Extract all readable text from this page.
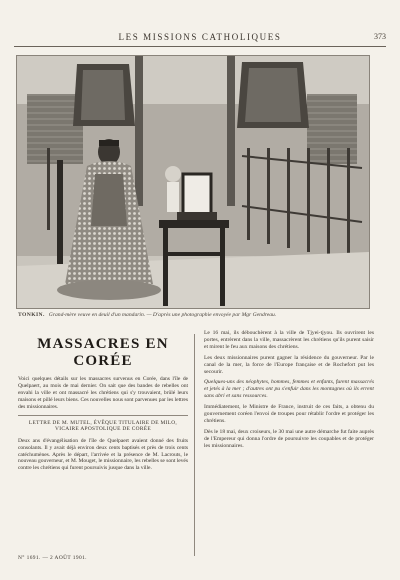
LES MISSIONS CATHOLIQUES	373
TONKIN. Grand-mère veuve en deuil d'un mandarin. — D'après une photographie envoyée par Mgr Gendreau.
MASSACRES EN CORÉE

Voici quelques détails sur les massacres survenus en Corée, dans l'île de Quelpaert, au mois de mai dernier. On sait que des bandes de rebelles ont envahi la ville et ont massacré les chrétiens qui s'y trouvaient, brûlé leurs maisons et pillé leurs biens. Ces nouvelles nous sont parvenues par les lettres des missionnaires.

LETTRE DE M. MUTEL, ÉVÊQUE TITULAIRE DE MILO, VICAIRE APOSTOLIQUE DE CORÉE

Deux ans d'évangélisation de l'île de Quelpaert avaient donné des fruits consolants. Il y avait déjà environ deux cents baptisés et près de trois cents catéchumènes. Après le départ, l'arrivée et la présence de M. Lacrouts, le nouveau gouverneur, et M. Mouget, le missionnaire, les rebelles se sont levés contre les chrétiens qui furent poursuivis jusque dans la ville.

Le 16 mai, ils débouchèrent à la ville de Tjyei-tjyou. Ils ouvrirent les portes, entrèrent dans la ville, massacrèrent les chrétiens qu'ils purent saisir et mirent le feu aux maisons des chrétiens.

Les deux missionnaires purent gagner la résidence du gouverneur. Par le canal de la mer, la force de l'Europe française et de Rochefort put les secourir.

Quelques-uns des néophytes, hommes, femmes et enfants, furent massacrés et jetés à la mer ; d'autres ont pu s'enfuir dans les montagnes où ils errent sans abri et sans ressources.

Immédiatement, le Ministre de France, instruit de ces faits, a obtenu du gouvernement coréen l'envoi de troupes pour rétablir l'ordre et protéger les chrétiens.

Dès le 18 mai, deux croiseurs, le 30 mai une autre démarche fut faite auprès de l'Empereur qui donna l'ordre de poursuivre les coupables et de protéger les missionnaires.

N° 1691. — 2 AOÛT 1901.
